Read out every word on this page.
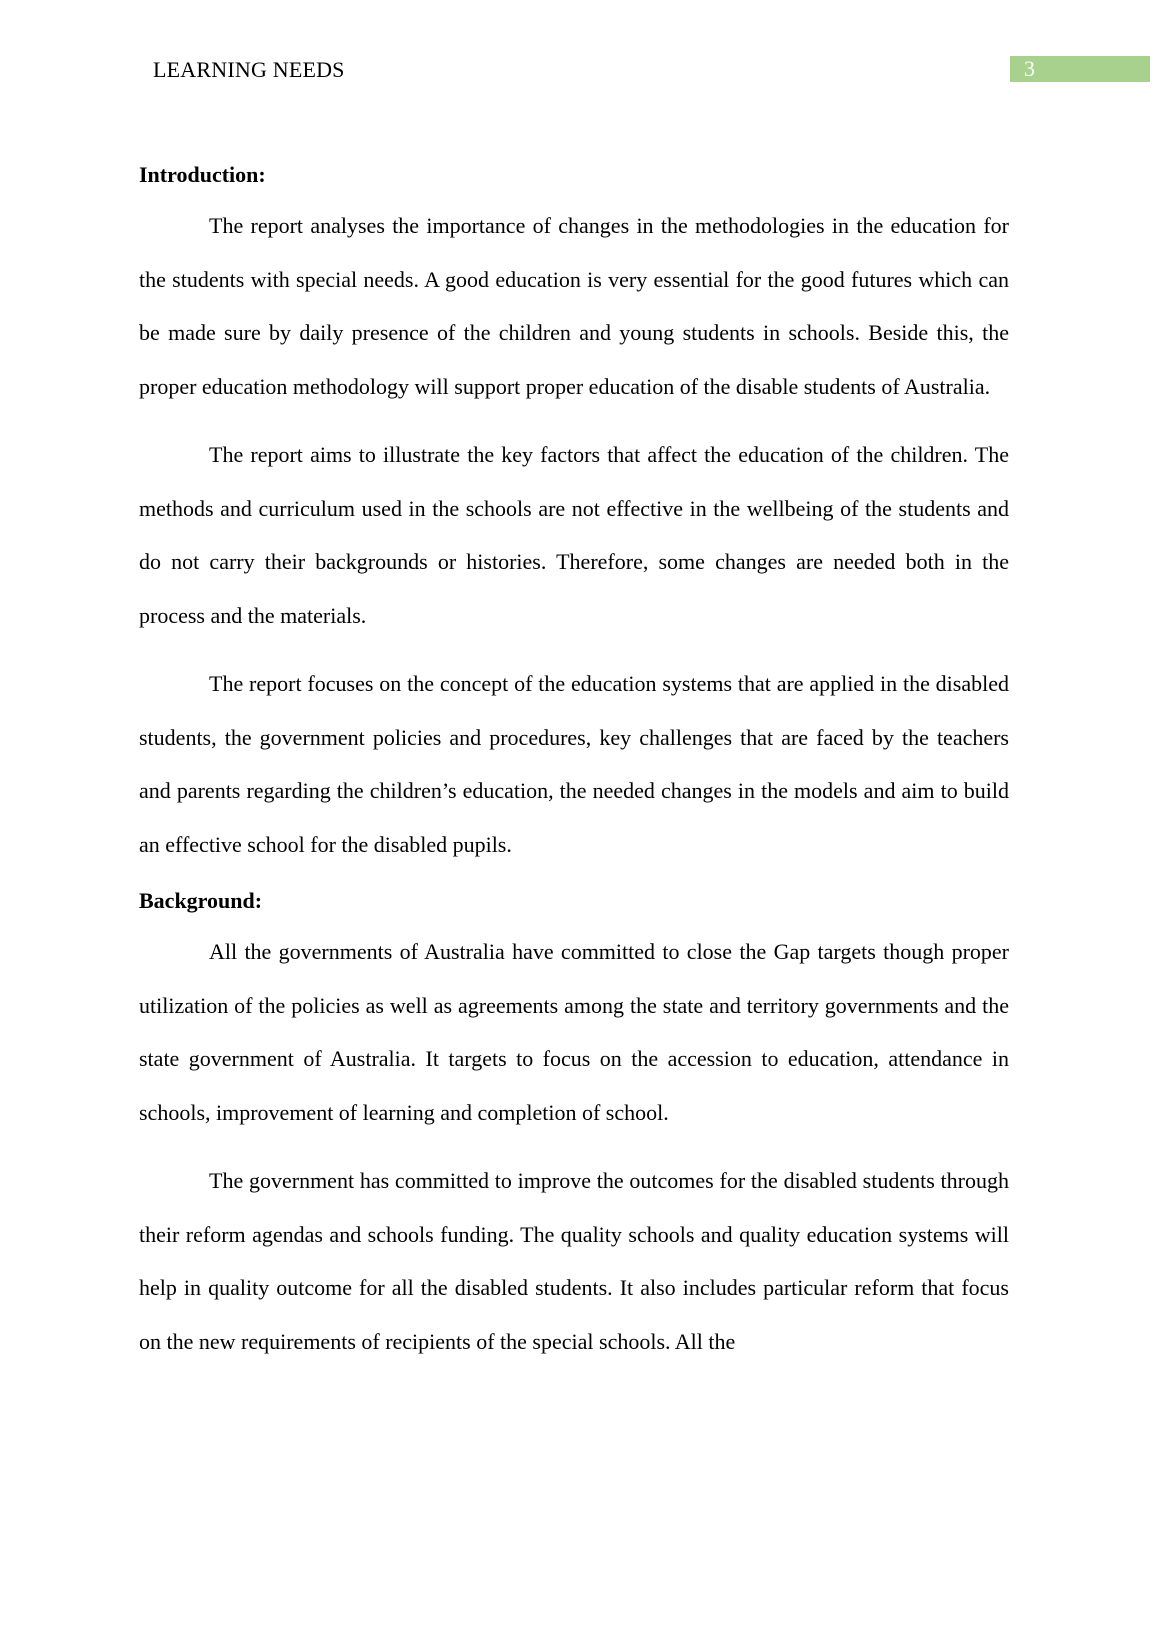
LEARNING NEEDS	3
Introduction:

The report analyses the importance of changes in the methodologies in the education for the students with special needs. A good education is very essential for the good futures which can be made sure by daily presence of the children and young students in schools. Beside this, the proper education methodology will support proper education of the disable students of Australia.

The report aims to illustrate the key factors that affect the education of the children. The methods and curriculum used in the schools are not effective in the wellbeing of the students and do not carry their backgrounds or histories. Therefore, some changes are needed both in the process and the materials.

The report focuses on the concept of the education systems that are applied in the disabled students, the government policies and procedures, key challenges that are faced by the teachers and parents regarding the children’s education, the needed changes in the models and aim to build an effective school for the disabled pupils.

Background:

All the governments of Australia have committed to close the Gap targets though proper utilization of the policies as well as agreements among the state and territory governments and the state government of Australia. It targets to focus on the accession to education, attendance in schools, improvement of learning and completion of school.

The government has committed to improve the outcomes for the disabled students through their reform agendas and schools funding. The quality schools and quality education systems will help in quality outcome for all the disabled students. It also includes particular reform that focus on the new requirements of recipients of the special schools. All the
